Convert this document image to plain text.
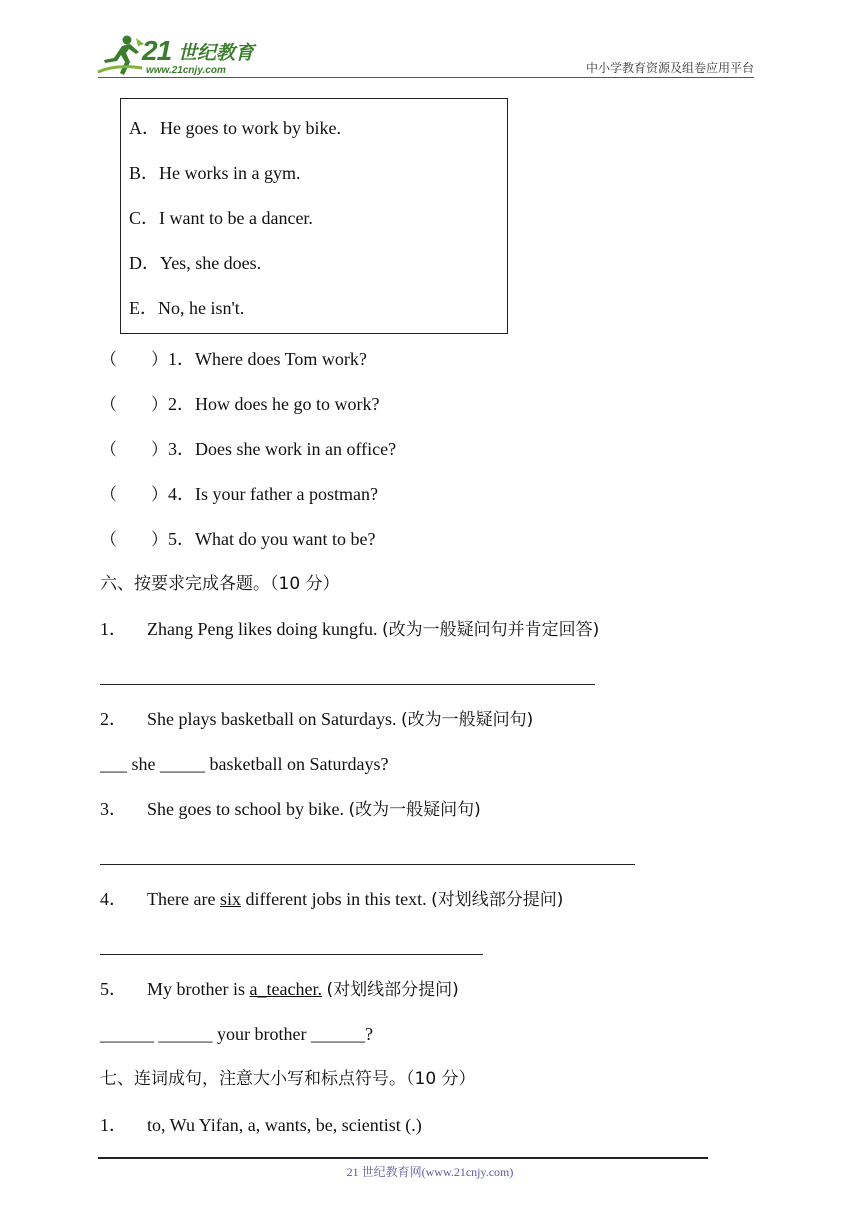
21 世纪教育
www.21cnjy.com	中小学教育资源及组卷应用平台
A．He goes to work by bike.
B．He works in a gym.
C．I want to be a dancer.
D．Yes, she does.
E．No, he isn't.
（　　）1．Where does Tom work?
（　　）2．How does he go to work?
（　　）3．Does she work in an office?
（　　）4．Is your father a postman?
（　　）5．What do you want to be?
六、按要求完成各题。（10 分）
1． Zhang Peng likes doing kungfu. (改为一般疑问句并肯定回答)
2． She plays basketball on Saturdays. (改为一般疑问句)
___ she _____ basketball on Saturdays?
3． She goes to school by bike. (改为一般疑问句)
4． There are six different jobs in this text. (对划线部分提问)
5． My brother is a_teacher. (对划线部分提问)
______ ______ your brother ______?
七、连词成句，注意大小写和标点符号。（10 分）
1． to, Wu Yifan, a, wants, be, scientist (.)
21 世纪教育网(www.21cnjy.com)
